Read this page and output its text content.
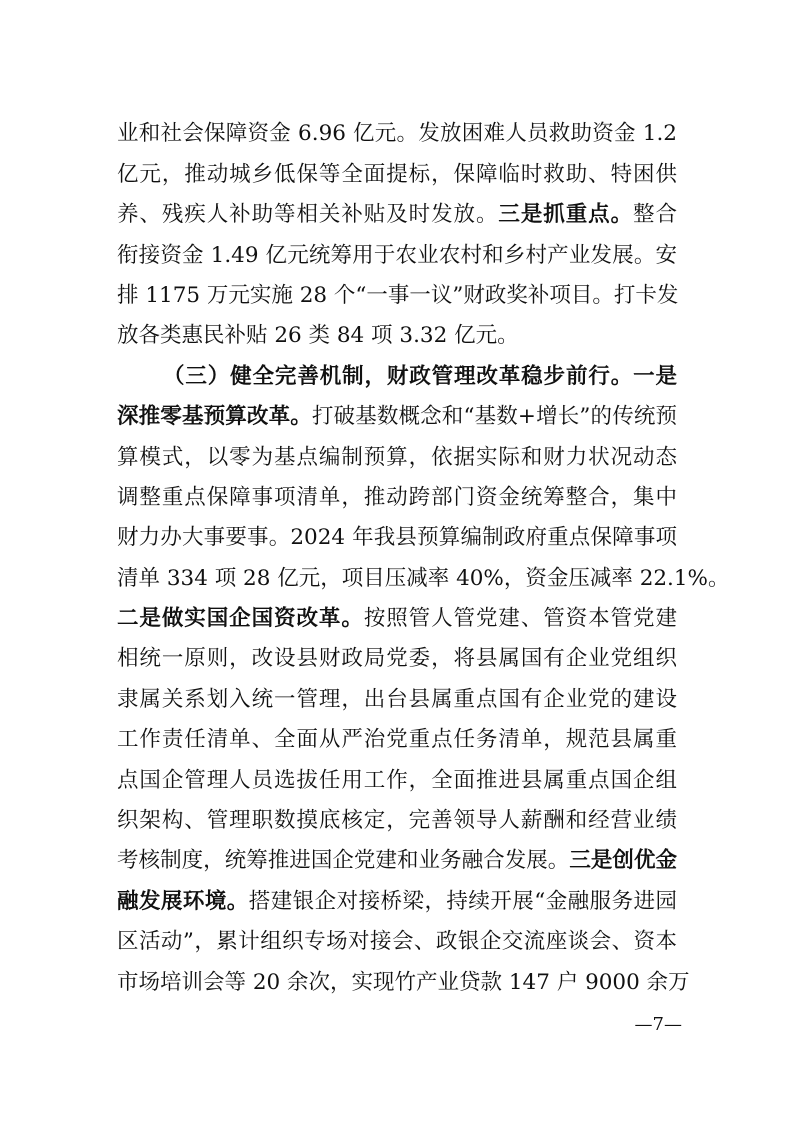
业和社会保障资金 6.96 亿元。发放困难人员救助资金 1.2
亿元，推动城乡低保等全面提标，保障临时救助、特困供
养、残疾人补助等相关补贴及时发放。三是抓重点。整合
衔接资金 1.49 亿元统筹用于农业农村和乡村产业发展。安
排 1175 万元实施 28 个“一事一议”财政奖补项目。打卡发
放各类惠民补贴 26 类 84 项 3.32 亿元。
（三）健全完善机制，财政管理改革稳步前行。一是
深推零基预算改革。打破基数概念和“基数+增长”的传统预
算模式，以零为基点编制预算，依据实际和财力状况动态
调整重点保障事项清单，推动跨部门资金统筹整合，集中
财力办大事要事。2024 年我县预算编制政府重点保障事项
清单 334 项 28 亿元，项目压减率 40%，资金压减率 22.1%。
二是做实国企国资改革。按照管人管党建、管资本管党建
相统一原则，改设县财政局党委，将县属国有企业党组织
隶属关系划入统一管理，出台县属重点国有企业党的建设
工作责任清单、全面从严治党重点任务清单，规范县属重
点国企管理人员选拔任用工作，全面推进县属重点国企组
织架构、管理职数摸底核定，完善领导人薪酬和经营业绩
考核制度，统筹推进国企党建和业务融合发展。三是创优金
融发展环境。搭建银企对接桥梁，持续开展“金融服务进园
区活动”，累计组织专场对接会、政银企交流座谈会、资本
市场培训会等 20 余次，实现竹产业贷款 147 户 9000 余万
—7—
